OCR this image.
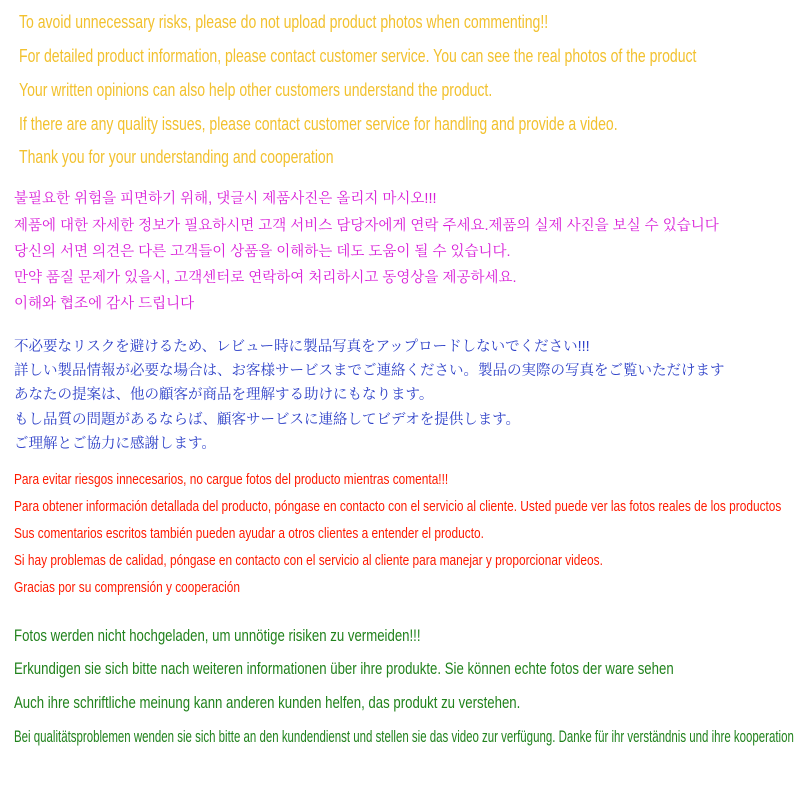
To avoid unnecessary risks, please do not upload product photos when commenting!!
For detailed product information, please contact customer service. You can see the real photos of the product
Your written opinions can also help other customers understand the product.
If there are any quality issues, please contact customer service for handling and provide a video.
Thank you for your understanding and cooperation
불필요한 위험을 피면하기 위해, 댓글시 제품사진은 올리지 마시오!!!
제품에 대한 자세한 정보가 필요하시면 고객 서비스 담당자에게 연락 주세요.제품의 실제 사진을 보실 수 있습니다
당신의 서면 의견은 다른 고객들이 상품을 이해하는 데도 도움이 될 수 있습니다.
만약 품질 문제가 있을시, 고객센터로 연락하여 처리하시고 동영상을 제공하세요.
이해와 협조에 감사 드립니다
不必要なリスクを避けるため、レビュー時に製品写真をアップロードしないでください!!!
詳しい製品情報が必要な場合は、お客様サービスまでご連絡ください。製品の実際の写真をご覧いただけます
あなたの提案は、他の顧客が商品を理解する助けにもなります。
もし品質の問題があるならば、顧客サービスに連絡してビデオを提供します。
ご理解とご協力に感謝します。
Para evitar riesgos innecesarios, no cargue fotos del producto mientras comenta!!!
Para obtener información detallada del producto, póngase en contacto con el servicio al cliente. Usted puede ver las fotos reales de los productos
Sus comentarios escritos también pueden ayudar a otros clientes a entender el producto.
Si hay problemas de calidad, póngase en contacto con el servicio al cliente para manejar y proporcionar videos.
Gracias por su comprensión y cooperación
Fotos werden nicht hochgeladen, um unnötige risiken zu vermeiden!!!
Erkundigen sie sich bitte nach weiteren informationen über ihre produkte. Sie können echte fotos der ware sehen
Auch ihre schriftliche meinung kann anderen kunden helfen, das produkt zu verstehen.
Bei qualitätsproblemen wenden sie sich bitte an den kundendienst und stellen sie das video zur verfügung. Danke für ihr verständnis und ihre kooperation
